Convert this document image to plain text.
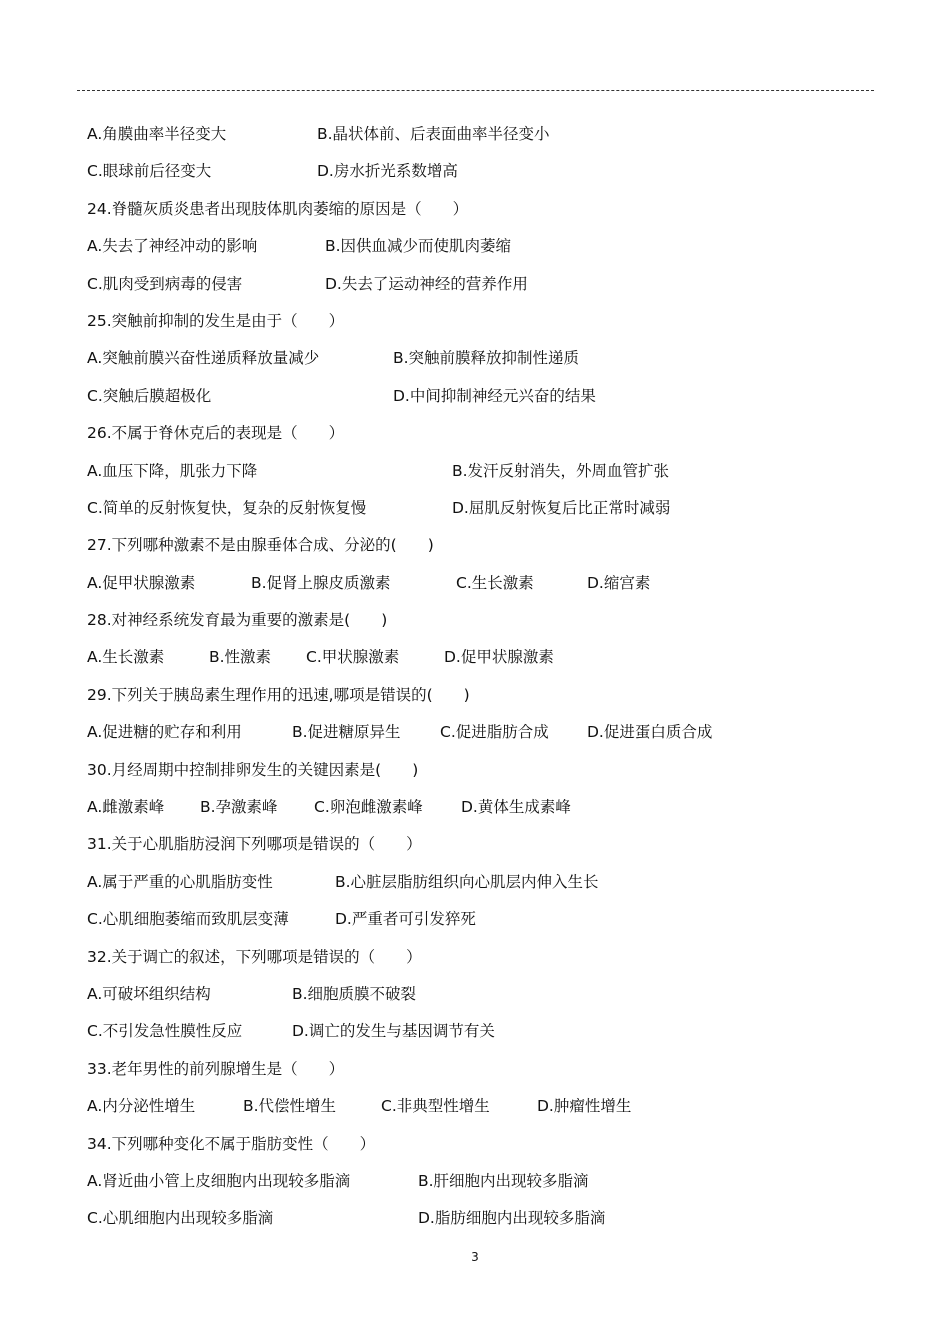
A.角膜曲率半径变大	B.晶状体前、后表面曲率半径变小
C.眼球前后径变大	D.房水折光系数增高
24.脊髓灰质炎患者出现肢体肌肉萎缩的原因是（　　）
A.失去了神经冲动的影响	B.因供血减少而使肌肉萎缩
C.肌肉受到病毒的侵害	D.失去了运动神经的营养作用
25.突触前抑制的发生是由于（　　）
A.突触前膜兴奋性递质释放量减少	B.突触前膜释放抑制性递质
C.突触后膜超极化	D.中间抑制神经元兴奋的结果
26.不属于脊休克后的表现是（　　）
A.血压下降，肌张力下降	B.发汗反射消失，外周血管扩张
C.简单的反射恢复快，复杂的反射恢复慢	D.屈肌反射恢复后比正常时减弱
27.下列哪种激素不是由腺垂体合成、分泌的(　　)
A.促甲状腺激素	B.促肾上腺皮质激素	C.生长激素	D.缩宫素
28.对神经系统发育最为重要的激素是(　　)
A.生长激素	B.性激素 C.甲状腺激素	D.促甲状腺激素
29.下列关于胰岛素生理作用的迅速,哪项是错误的(　　)
A.促进糖的贮存和利用	B.促进糖原异生	C.促进脂肪合成 D.促进蛋白质合成
30.月经周期中控制排卵发生的关键因素是(　　)
A.雌激素峰 B.孕激素峰 C.卵泡雌激素峰 D.黄体生成素峰
31.关于心肌脂肪浸润下列哪项是错误的（　　）
A.属于严重的心肌脂肪变性	B.心脏层脂肪组织向心肌层内伸入生长
C.心肌细胞萎缩而致肌层变薄	D.严重者可引发猝死
32.关于调亡的叙述，下列哪项是错误的（　　）
A.可破坏组织结构	B.细胞质膜不破裂
C.不引发急性膜性反应	D.调亡的发生与基因调节有关
33.老年男性的前列腺增生是（　　）
A.内分泌性增生	B.代偿性增生	C.非典型性增生	D.肿瘤性增生
34.下列哪种变化不属于脂肪变性（　　）
A.肾近曲小管上皮细胞内出现较多脂滴	B.肝细胞内出现较多脂滴
C.心肌细胞内出现较多脂滴	D.脂肪细胞内出现较多脂滴
3
